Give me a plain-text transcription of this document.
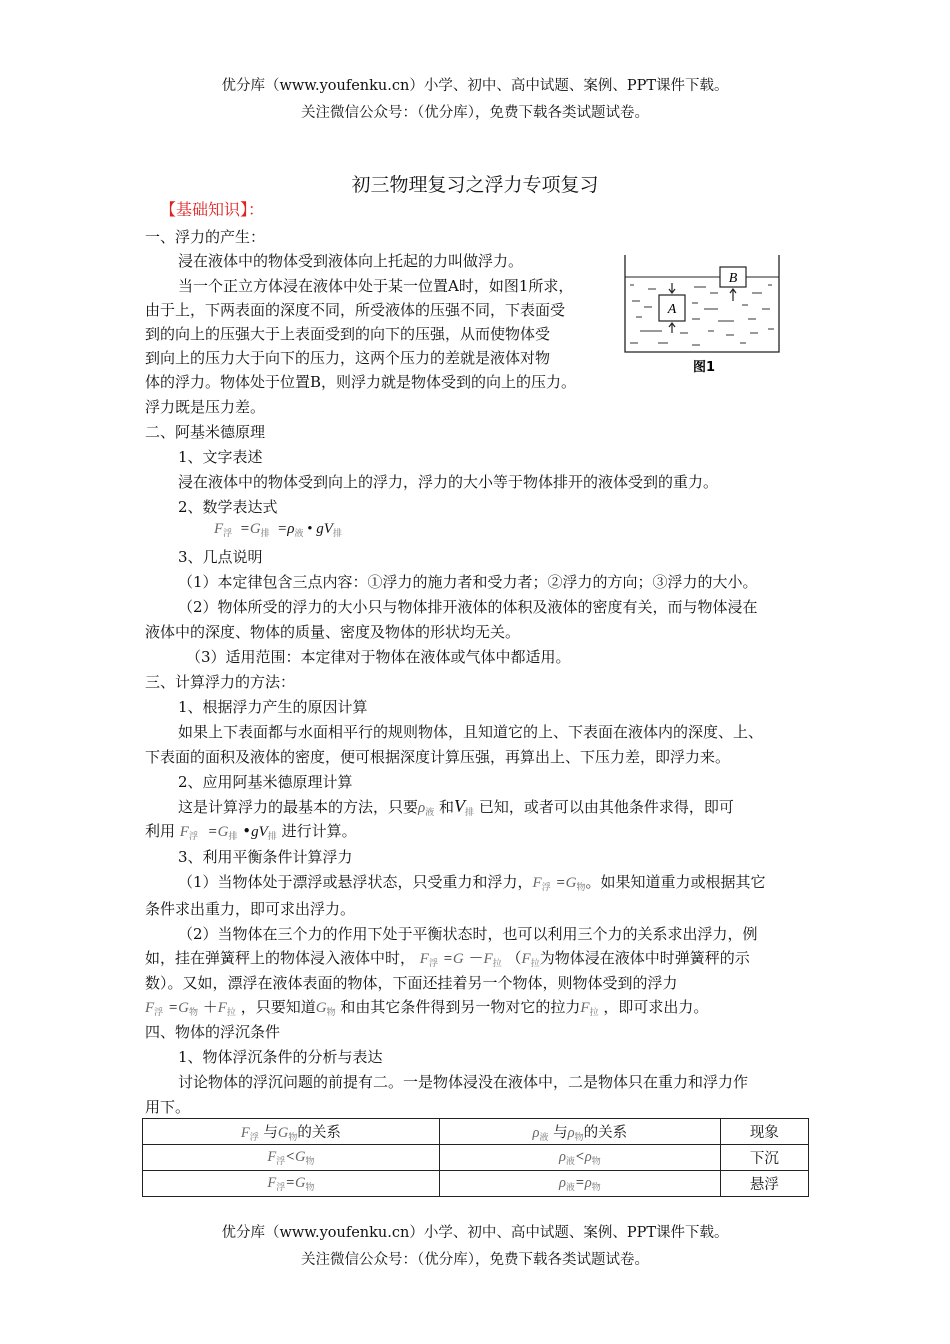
优分库（www.youfenku.cn）小学、初中、高中试题、案例、PPT课件下载。
关注微信公众号：（优分库），免费下载各类试题试卷。
初三物理复习之浮力专项复习
【基础知识】：
一、浮力的产生：
浸在液体中的物体受到液体向上托起的力叫做浮力。
当一个正立方体浸在液体中处于某一位置A时，如图1所求，
由于上，下两表面的深度不同，所受液体的压强不同，下表面受
到的向上的压强大于上表面受到的向下的压强，从而使物体受
到向上的压力大于向下的压力，这两个压力的差就是液体对物
体的浮力。物体处于位置B，则浮力就是物体受到的向上的压力。
浮力既是压力差。
B
A
图1
二、阿基米德原理
1、文字表述
浸在液体中的物体受到向上的浮力，浮力的大小等于物体排开的液体受到的重力。
2、数学表达式
$F_浮 =G_排 =\rho_液$ • $gV_排$
3、几点说明
（1）本定律包含三点内容：①浮力的施力者和受力者；②浮力的方向；③浮力的大小。
（2）物体所受的浮力的大小只与物体排开液体的体积及液体的密度有关，而与物体浸在
液体中的深度、物体的质量、密度及物体的形状均无关。
（3）适用范围：本定律对于物体在液体或气体中都适用。
三、计算浮力的方法：
1、根据浮力产生的原因计算
如果上下表面都与水面相平行的规则物体，且知道它的上、下表面在液体内的深度、上、
下表面的面积及液体的密度，便可根据深度计算压强，再算出上、下压力差，即浮力来。
2、应用阿基米德原理计算
这是计算浮力的最基本的方法，只要$\rho_液$ 和$V_排$ 已知，或者可以由其他条件求得，即可
利用 $F_浮 =G_排$ $•gV_排$ 进行计算。
3、利用平衡条件计算浮力
（1）当物体处于漂浮或悬浮状态，只受重力和浮力，$F_浮 =G_物$。如果知道重力或根据其它
条件求出重力，即可求出浮力。
（2）当物体在三个力的作用下处于平衡状态时，也可以利用三个力的关系求出浮力，例
如，挂在弹簧秤上的物体浸入液体中时， $F_浮 =G -F_拉$ （$F_拉$为物体浸在液体中时弹簧秤的示
数）。又如，漂浮在液体表面的物体，下面还挂着另一个物体，则物体受到的浮力
$F_浮 =G_物 +F_拉$ ，只要知道$G_物$ 和由其它条件得到另一物对它的拉力$F_拉$ ，即可求出力。
四、物体的浮沉条件
1、物体浮沉条件的分析与表达
讨论物体的浮沉问题的前提有二。一是物体浸没在液体中，二是物体只在重力和浮力作
用下。
$F_浮$ 与$G_物$的关系	$\rho_液$ 与$\rho_物$的关系	现象
$F_浮<G_物$	$\rho_液<\rho_物$	下沉
$F_浮=G_物$	$\rho_液=\rho_物$	悬浮
优分库（www.youfenku.cn）小学、初中、高中试题、案例、PPT课件下载。
关注微信公众号：（优分库），免费下载各类试题试卷。
